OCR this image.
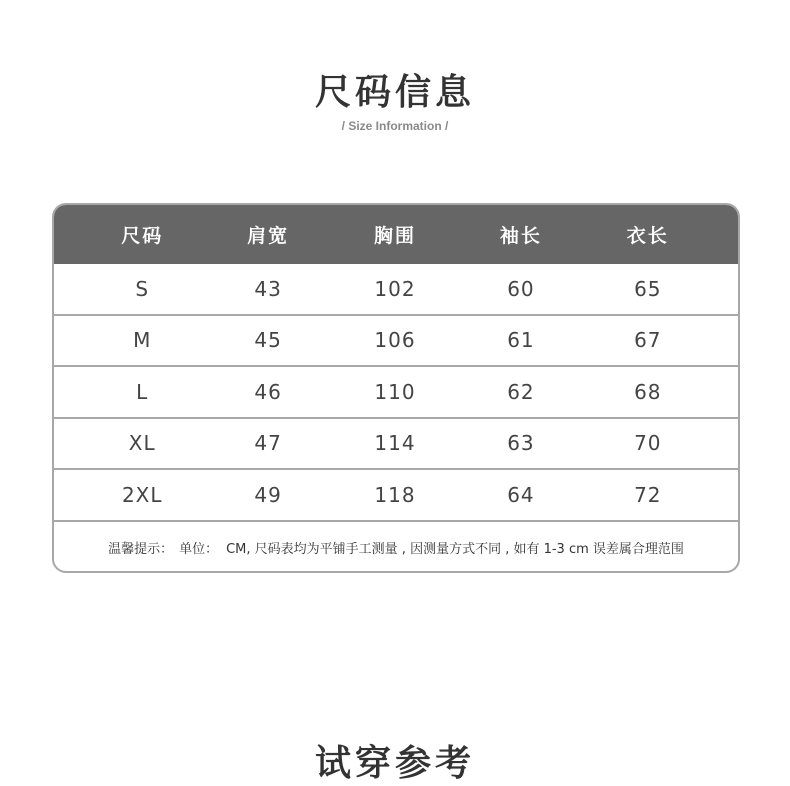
尺码信息
/ Size Information /
尺码	肩宽	胸围	袖长	衣长
S	43	102	60	65
M	45	106	61	67
L	46	110	62	68
XL	47	114	63	70
2XL	49	118	64	72
温馨提示： 单位： CM, 尺码表均为平铺手工测量 , 因测量方式不同 , 如有 1-3 cm 误差属合理范围
试穿参考
